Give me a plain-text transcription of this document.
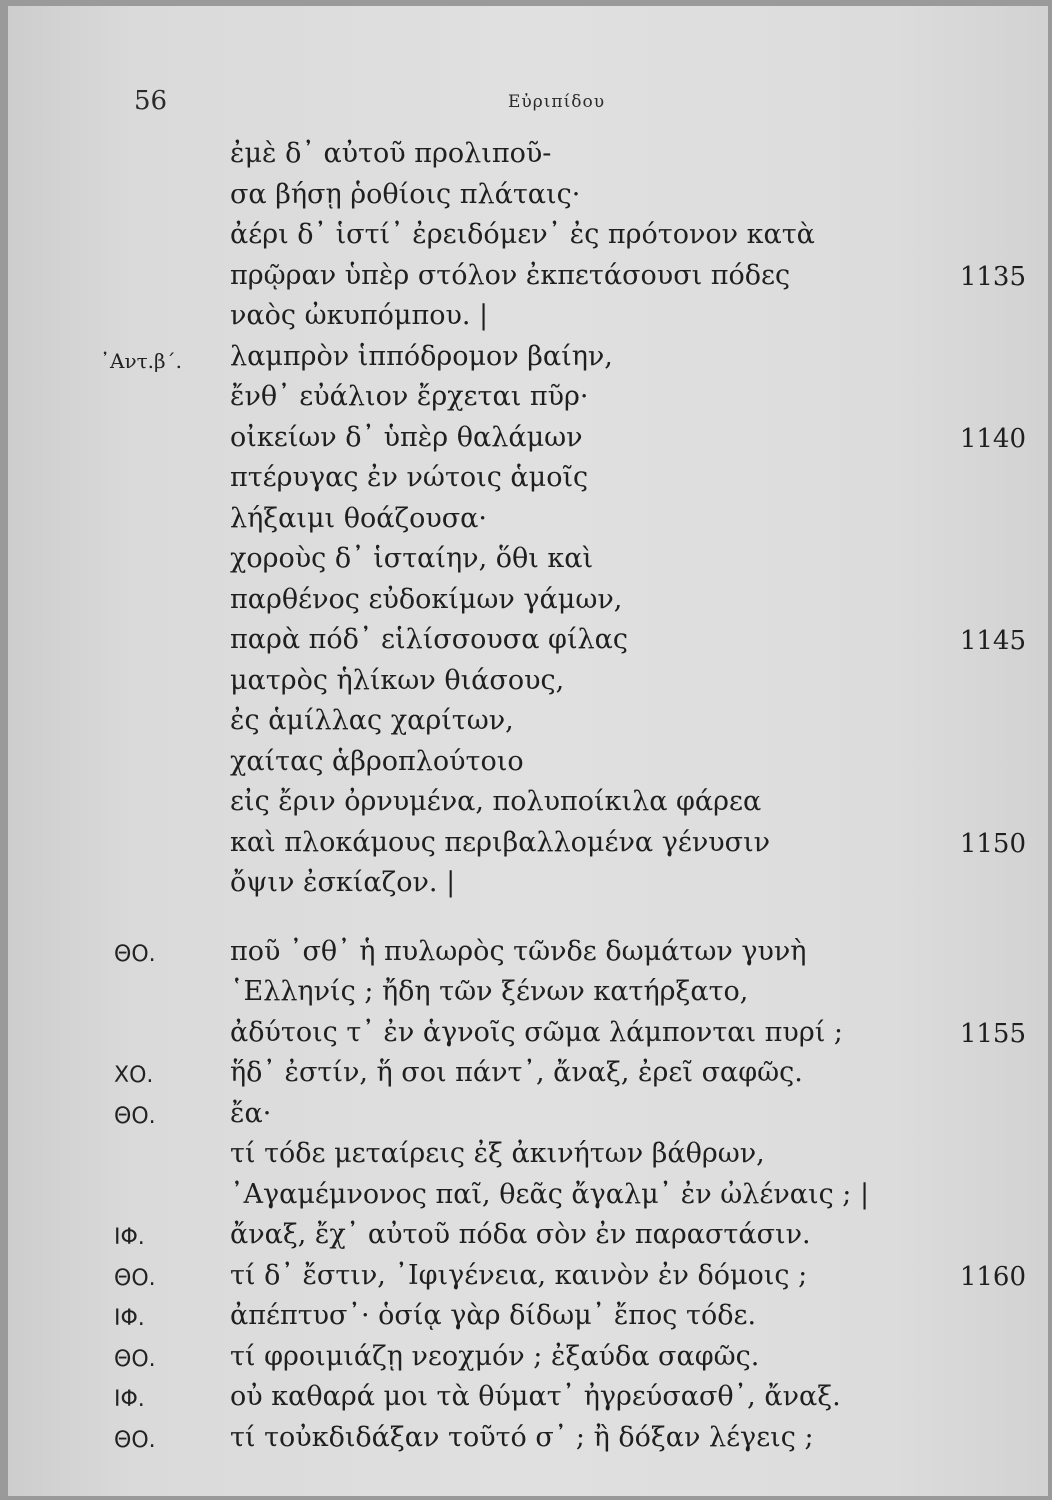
56	Εὐριπίδου
ἐμὲ δ᾽ αὐτοῦ προλιποῦ-
σα βήσῃ ῥοθίοις πλάταις·
ἀέρι δ᾽ ἱστί᾽ ἐρειδόμεν᾽ ἐς πρότονον κατὰ
πρῷραν ὑπὲρ στόλον ἐκπετάσουσι πόδες	1135
ναὸς ὠκυπόμπου. |
᾽Αντ.β΄. λαμπρὸν ἱππόδρομον βαίην,
ἔνθ᾽ εὐάλιον ἔρχεται πῦρ·
οἰκείων δ᾽ ὑπὲρ θαλάμων	1140
πτέρυγας ἐν νώτοις ἁμοῖς
λήξαιμι θοάζουσα·
χοροὺς δ᾽ ἱσταίην, ὅθι καὶ
παρθένος εὐδοκίμων γάμων,
παρὰ πόδ᾽ εἱλίσσουσα φίλας	1145
ματρὸς ἡλίκων θιάσους,
ἐς ἁμίλλας χαρίτων,
χαίτας ἁβροπλούτοιο
εἰς ἔριν ὀρνυμένα, πολυποίκιλα φάρεα
καὶ πλοκάμους περιβαλλομένα γένυσιν	1150
ὄψιν ἐσκίαζον. |
ΘΟ.	ποῦ ᾽σθ᾽ ἡ πυλωρὸς τῶνδε δωμάτων γυνὴ
῾Ελληνίς ; ἤδη τῶν ξένων κατήρξατο,
ἀδύτοις τ᾽ ἐν ἁγνοῖς σῶμα λάμπονται πυρί ;	1155
ΧΟ.	ἥδ᾽ ἐστίν, ἥ σοι πάντ᾽, ἄναξ, ἐρεῖ σαφῶς.
ΘΟ.	ἔα·
τί τόδε μεταίρεις ἐξ ἀκινήτων βάθρων,
᾽Αγαμέμνονος παῖ, θεᾶς ἄγαλμ᾽ ἐν ὠλέναις ; |
ΙΦ.	ἄναξ, ἔχ᾽ αὐτοῦ πόδα σὸν ἐν παραστάσιν.
ΘΟ.	τί δ᾽ ἔστιν, ᾽Ιφιγένεια, καινὸν ἐν δόμοις ;	1160
ΙΦ.	ἀπέπτυσ᾽· ὁσίᾳ γὰρ δίδωμ᾽ ἔπος τόδε.
ΘΟ.	τί φροιμιάζῃ νεοχμόν ; ἐξαύδα σαφῶς.
ΙΦ.	οὐ καθαρά μοι τὰ θύματ᾽ ἠγρεύσασθ᾽, ἄναξ.
ΘΟ.	τί τοὐκδιδάξαν τοῦτό σ᾽ ; ἢ δόξαν λέγεις ;
